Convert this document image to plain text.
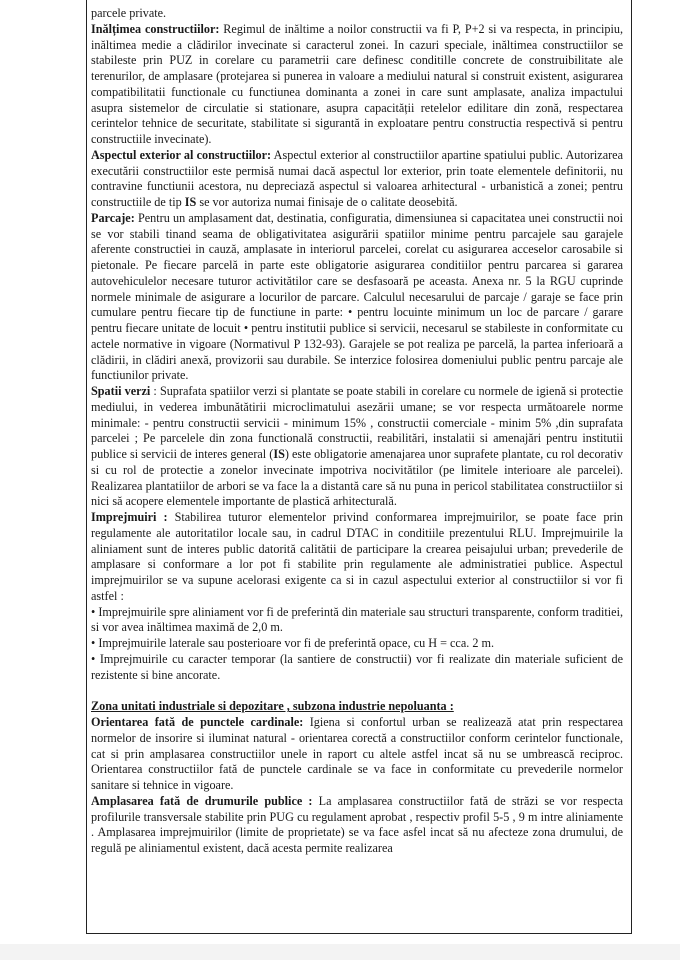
parcele private.

Inălțimea constructiilor: Regimul de inăltime a noilor constructii va fi P, P+2 si va respecta, in principiu, inăltimea medie a clădirilor invecinate si caracterul zonei. In cazuri speciale, inăltimea constructiilor se stabileste prin PUZ in corelare cu parametrii care definesc conditille concrete de construibilitate ale terenurilor, de amplasare (protejarea si punerea in valoare a mediului natural si construit existent, asigurarea compatibilitatii functionale cu functiunea dominanta a zonei in care sunt amplasate, analiza impactului asupra sistemelor de circulatie si stationare, asupra capacității retelelor edilitare din zonă, respectarea cerintelor tehnice de securitate, stabilitate si sigurantă in exploatare pentru constructia respectivă si pentru constructiile invecinate).

Aspectul exterior al constructiilor: Aspectul exterior al constructiilor apartine spatiului public. Autorizarea executării constructiilor este permisă numai dacă aspectul lor exterior, prin toate elementele definitorii, nu contravine functiunii acestora, nu depreciază aspectul si valoarea arhitectural - urbanistică a zonei; pentru constructiile de tip IS se vor autoriza numai finisaje de o calitate deosebită.

Parcaje: Pentru un amplasament dat, destinatia, configuratia, dimensiunea si capacitatea unei constructii noi se vor stabili tinand seama de obligativitatea asigurării spatiilor minime pentru parcajele sau garajele aferente constructiei in cauză, amplasate in interiorul parcelei, corelat cu asigurarea acceselor carosabile si pietonale. Pe fiecare parcelă in parte este obligatorie asigurarea conditiilor pentru parcarea si gararea autovehiculelor necesare tuturor activitătilor care se desfasoară pe aceasta. Anexa nr. 5 la RGU cuprinde normele minimale de asigurare a locurilor de parcare. Calculul necesarului de parcaje / garaje se face prin cumulare pentru fiecare tip de functiune in parte: • pentru locuinte minimum un loc de parcare / garare pentru fiecare unitate de locuit • pentru institutii publice si servicii, necesarul se stabileste in conformitate cu actele normative in vigoare (Normativul P 132-93). Garajele se pot realiza pe parcelă, la partea inferioară a clădirii, in clădiri anexă, provizorii sau durabile. Se interzice folosirea domeniului public pentru parcaje ale functiunilor private.

Spatii verzi : Suprafata spatiilor verzi si plantate se poate stabili in corelare cu normele de igienă si protectie mediului, in vederea imbunătătirii microclimatului asezării umane; se vor respecta următoarele norme minimale: - pentru constructii servicii - minimum 15% , constructii comerciale - minim 5% ,din suprafata parcelei ; Pe parcelele din zona functională constructii, reabilitări, instalatii si amenajări pentru institutii publice si servicii de interes general (IS) este obligatorie amenajarea unor suprafete plantate, cu rol decorativ si cu rol de protectie a zonelor invecinate impotriva nocivitătilor (pe limitele interioare ale parcelei). Realizarea plantatiilor de arbori se va face la a distantă care să nu puna in pericol stabilitatea constructiilor si nici să acopere elementele importante de plastică arhitecturală.

Imprejmuiri : Stabilirea tuturor elementelor privind conformarea imprejmuirilor, se poate face prin regulamente ale autoritatilor locale sau, in cadrul DTAC in conditiile prezentului RLU. Imprejmuirile la aliniament sunt de interes public datorită calitătii de participare la crearea peisajului urban; prevederile de amplasare si conformare a lor pot fi stabilite prin regulamente ale administratiei publice. Aspectul imprejmuirilor se va supune acelorasi exigente ca si in cazul aspectului exterior al constructiilor si vor fi astfel :

• Imprejmuirile spre aliniament vor fi de preferintă din materiale sau structuri transparente, conform traditiei, si vor avea inăltimea maximă de 2,0 m.

• Imprejmuirile laterale sau posterioare vor fi de preferintă opace, cu H = cca. 2 m.

• Imprejmuirile cu caracter temporar (la santiere de constructii) vor fi realizate din materiale suficient de rezistente si bine ancorate.

Zona unitati industriale si depozitare , subzona industrie nepoluanta :

Orientarea fată de punctele cardinale: Igiena si confortul urban se realizează atat prin respectarea normelor de insorire si iluminat natural - orientarea corectă a constructiilor conform cerintelor functionale, cat si prin amplasarea constructiilor unele in raport cu altele astfel incat să nu se umbrească reciproc. Orientarea constructiilor fată de punctele cardinale se va face in conformitate cu prevederile normelor sanitare si tehnice in vigoare.

Amplasarea fată de drumurile publice : La amplasarea constructiilor fată de străzi se vor respecta profilurile transversale stabilite prin PUG cu regulament aprobat , respectiv profil 5-5 , 9 m intre aliniamente . Amplasarea imprejmuirilor (limite de proprietate) se va face asfel incat să nu afecteze zona drumului, de regulă pe aliniamentul existent, dacă acesta permite realizarea
